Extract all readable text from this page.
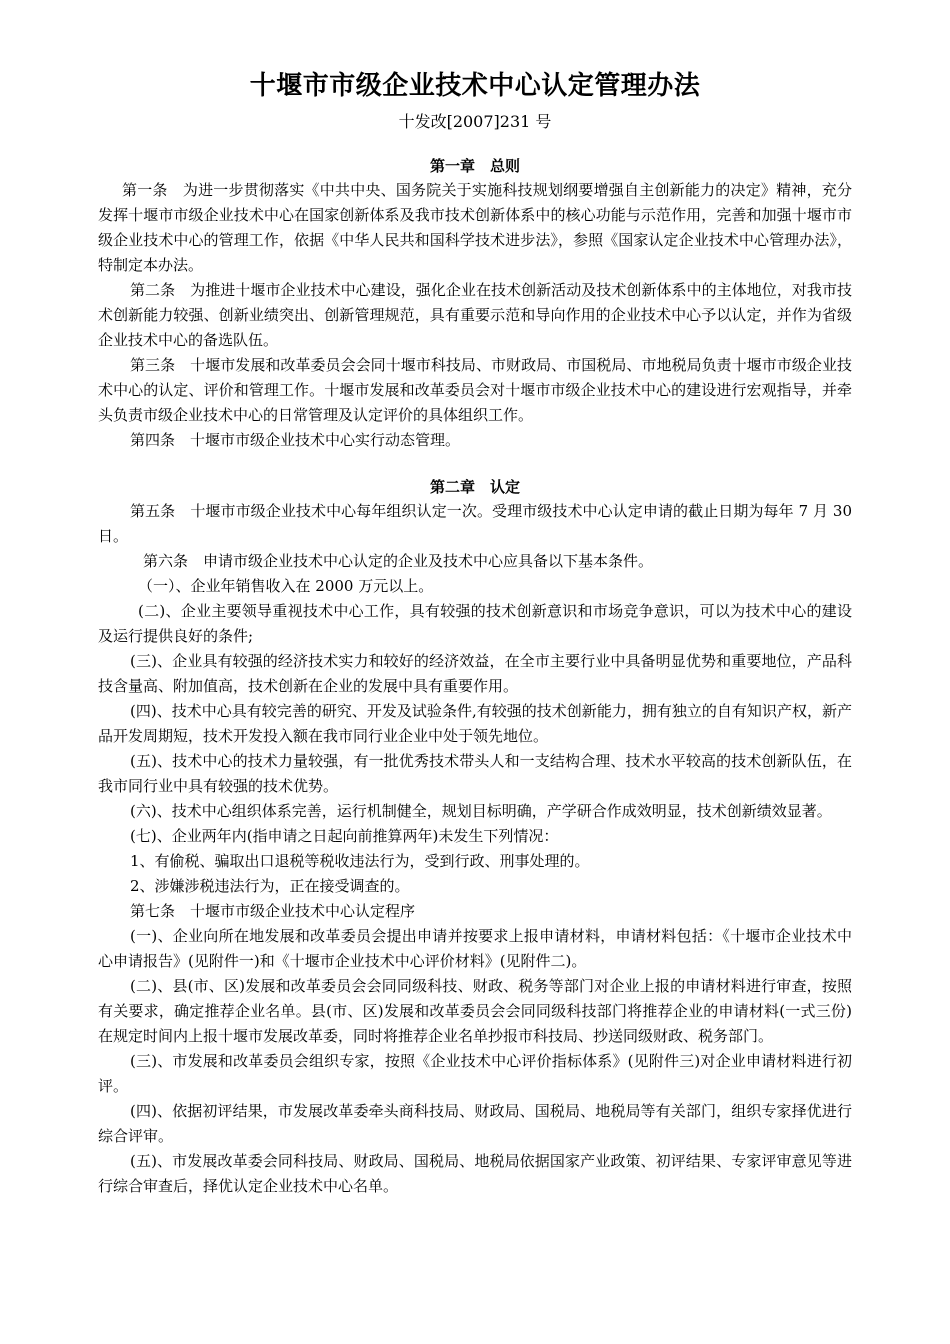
十堰市市级企业技术中心认定管理办法
十发改[2007]231 号
第一章　总则

第一条　为进一步贯彻落实《中共中央、国务院关于实施科技规划纲要增强自主创新能力的决定》精神，充分发挥十堰市市级企业技术中心在国家创新体系及我市技术创新体系中的核心功能与示范作用，完善和加强十堰市市级企业技术中心的管理工作，依据《中华人民共和国科学技术进步法》，参照《国家认定企业技术中心管理办法》，特制定本办法。

第二条　为推进十堰市企业技术中心建设，强化企业在技术创新活动及技术创新体系中的主体地位，对我市技术创新能力较强、创新业绩突出、创新管理规范，具有重要示范和导向作用的企业技术中心予以认定，并作为省级企业技术中心的备选队伍。

第三条　十堰市发展和改革委员会会同十堰市科技局、市财政局、市国税局、市地税局负责十堰市市级企业技术中心的认定、评价和管理工作。十堰市发展和改革委员会对十堰市市级企业技术中心的建设进行宏观指导，并牵头负责市级企业技术中心的日常管理及认定评价的具体组织工作。

第四条　十堰市市级企业技术中心实行动态管理。

第二章　认定

第五条　十堰市市级企业技术中心每年组织认定一次。受理市级技术中心认定申请的截止日期为每年 7 月 30 日。

第六条　申请市级企业技术中心认定的企业及技术中心应具备以下基本条件。

（一）、企业年销售收入在 2000 万元以上。

(二)、企业主要领导重视技术中心工作，具有较强的技术创新意识和市场竞争意识，可以为技术中心的建设及运行提供良好的条件;

(三)、企业具有较强的经济技术实力和较好的经济效益，在全市主要行业中具备明显优势和重要地位，产品科技含量高、附加值高，技术创新在企业的发展中具有重要作用。

(四)、技术中心具有较完善的研究、开发及试验条件,有较强的技术创新能力，拥有独立的自有知识产权，新产品开发周期短，技术开发投入额在我市同行业企业中处于领先地位。

(五)、技术中心的技术力量较强，有一批优秀技术带头人和一支结构合理、技术水平较高的技术创新队伍，在我市同行业中具有较强的技术优势。

(六)、技术中心组织体系完善，运行机制健全，规划目标明确，产学研合作成效明显，技术创新绩效显著。

(七)、企业两年内(指申请之日起向前推算两年)未发生下列情况：

1、有偷税、骗取出口退税等税收违法行为，受到行政、刑事处理的。

2、涉嫌涉税违法行为，正在接受调查的。

第七条　十堰市市级企业技术中心认定程序

(一)、企业向所在地发展和改革委员会提出申请并按要求上报申请材料，申请材料包括：《十堰市企业技术中心申请报告》(见附件一)和《十堰市企业技术中心评价材料》(见附件二)。

(二)、县(市、区)发展和改革委员会会同同级科技、财政、税务等部门对企业上报的申请材料进行审查，按照有关要求，确定推荐企业名单。县(市、区)发展和改革委员会会同同级科技部门将推荐企业的申请材料(一式三份)在规定时间内上报十堰市发展改革委，同时将推荐企业名单抄报市科技局、抄送同级财政、税务部门。

(三)、市发展和改革委员会组织专家，按照《企业技术中心评价指标体系》(见附件三)对企业申请材料进行初评。

(四)、依据初评结果，市发展改革委牵头商科技局、财政局、国税局、地税局等有关部门，组织专家择优进行综合评审。

(五)、市发展改革委会同科技局、财政局、国税局、地税局依据国家产业政策、初评结果、专家评审意见等进行综合审查后，择优认定企业技术中心名单。
